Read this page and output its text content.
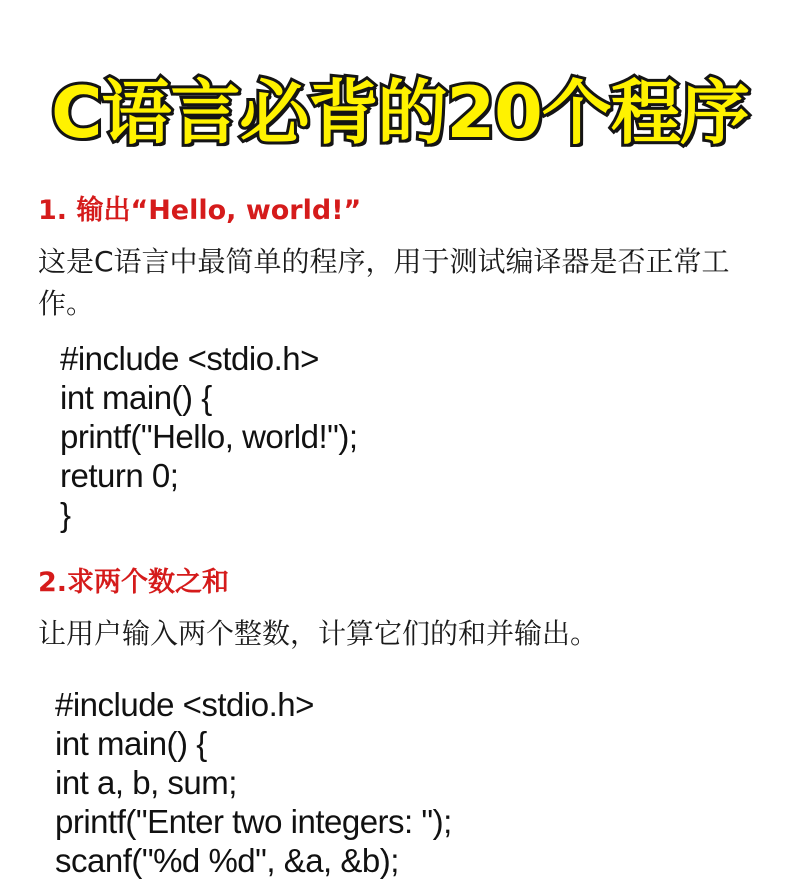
C语言必背的20个程序
1. 输出“Hello, world!”
这是C语言中最简单的程序，用于测试编译器是否正常工作。
#include <stdio.h>
int main() {
printf("Hello, world!");
return 0;
}
2.求两个数之和
让用户输入两个整数，计算它们的和并输出。
#include <stdio.h>
int main() {
int a, b, sum;
printf("Enter two integers: ");
scanf("%d %d", &a, &b);
